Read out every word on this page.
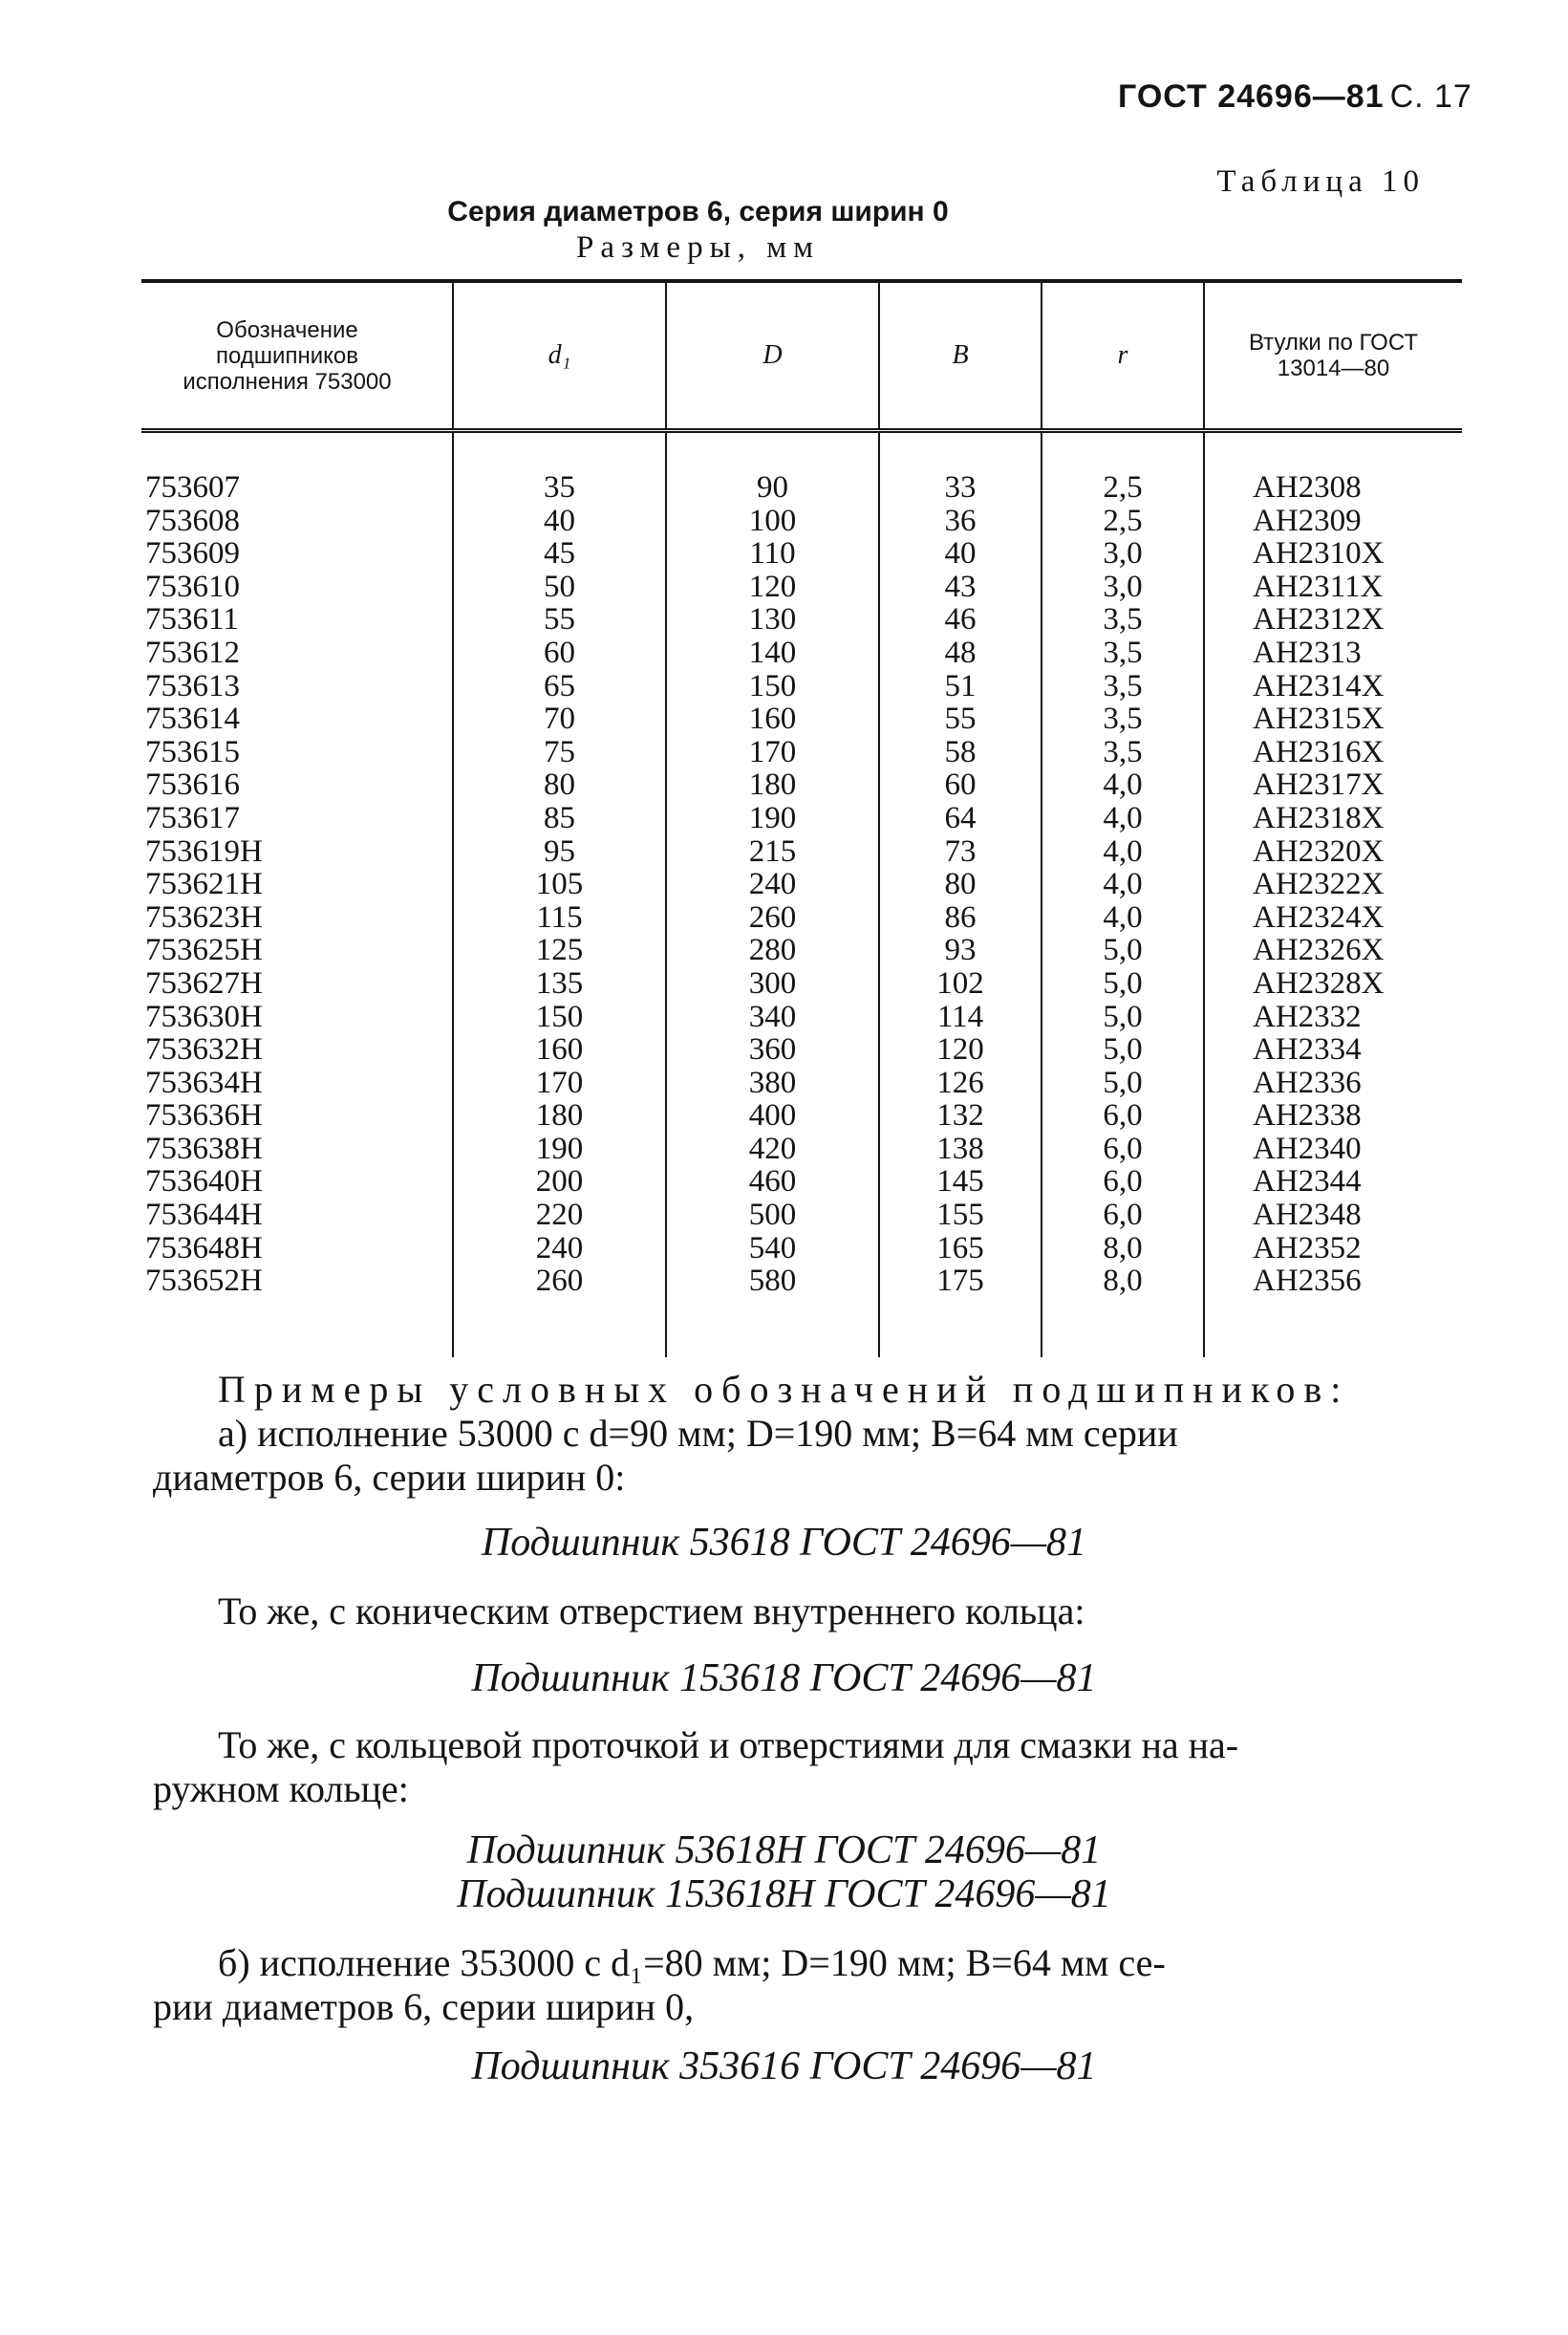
ГОСТ 24696—81 С. 17
Таблица 10
Серия диаметров 6, серия ширин 0
Размеры, мм
Обозначение подшипников исполнения 753000	d₁	D	B	r	Втулки по ГОСТ 13014—80

753607	35	90	33	2,5	AH2308
753608	40	100	36	2,5	AH2309
753609	45	110	40	3,0	AH2310X
753610	50	120	43	3,0	AH2311X
753611	55	130	46	3,5	AH2312X
753612	60	140	48	3,5	AH2313
753613	65	150	51	3,5	AH2314X
753614	70	160	55	3,5	AH2315X
753615	75	170	58	3,5	AH2316X
753616	80	180	60	4,0	AH2317X
753617	85	190	64	4,0	AH2318X
753619H	95	215	73	4,0	AH2320X
753621H	105	240	80	4,0	AH2322X
753623H	115	260	86	4,0	AH2324X
753625H	125	280	93	5,0	AH2326X
753627H	135	300	102	5,0	AH2328X
753630H	150	340	114	5,0	AH2332
753632H	160	360	120	5,0	AH2334
753634H	170	380	126	5,0	AH2336
753636H	180	400	132	6,0	AH2338
753638H	190	420	138	6,0	AH2340
753640H	200	460	145	6,0	AH2344
753644H	220	500	155	6,0	AH2348
753648H	240	540	165	8,0	AH2352
753652H	260	580	175	8,0	AH2356

Примеры условных обозначений подшипников:
а) исполнение 53000 с d=90 мм; D=190 мм; B=64 мм серии
диаметров 6, серии ширин 0:
Подшипник 53618 ГОСТ 24696—81
То же, с коническим отверстием внутреннего кольца:
Подшипник 153618 ГОСТ 24696—81
То же, с кольцевой проточкой и отверстиями для смазки на на-
ружном кольце:
Подшипник 53618H ГОСТ 24696—81
Подшипник 153618H ГОСТ 24696—81
б) исполнение 353000 с d₁=80 мм; D=190 мм; B=64 мм се-
рии диаметров 6, серии ширин 0,
Подшипник 353616 ГОСТ 24696—81
